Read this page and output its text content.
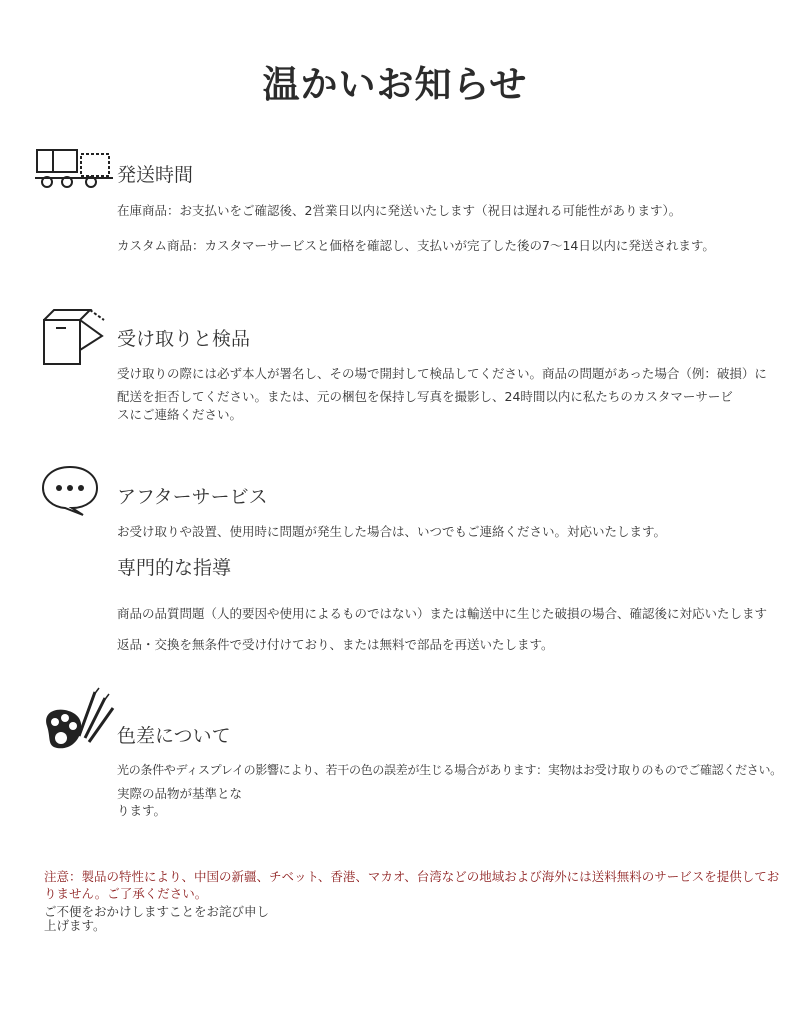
温かいお知らせ
発送時間
在庫商品：お支払いをご確認後、2営業日以内に発送いたします（祝日は遅れる可能性があります）。
カスタム商品：カスタマーサービスと価格を確認し、支払いが完了した後の7〜14日以内に発送されます。
受け取りと検品
受け取りの際には必ず本人が署名し、その場で開封して検品してください。商品の問題があった場合（例：破損）に
配送を拒否してください。または、元の梱包を保持し写真を撮影し、24時間以内に私たちのカスタマーサービ
スにご連絡ください。
アフターサービス
お受け取りや設置、使用時に問題が発生した場合は、いつでもご連絡ください。対応いたします。
専門的な指導
商品の品質問題（人的要因や使用によるものではない）または輸送中に生じた破損の場合、確認後に対応いたします
返品・交換を無条件で受け付けており、または無料で部品を再送いたします。
色差について
光の条件やディスプレイの影響により、若干の色の誤差が生じる場合があります：実物はお受け取りのものでご確認ください。
実際の品物が基準とな
ります。
注意：製品の特性により、中国の新疆、チベット、香港、マカオ、台湾などの地域および海外には送料無料のサービスを提供してお
りません。ご了承ください。
ご不便をおかけしますことをお詫び申し
上げます。
